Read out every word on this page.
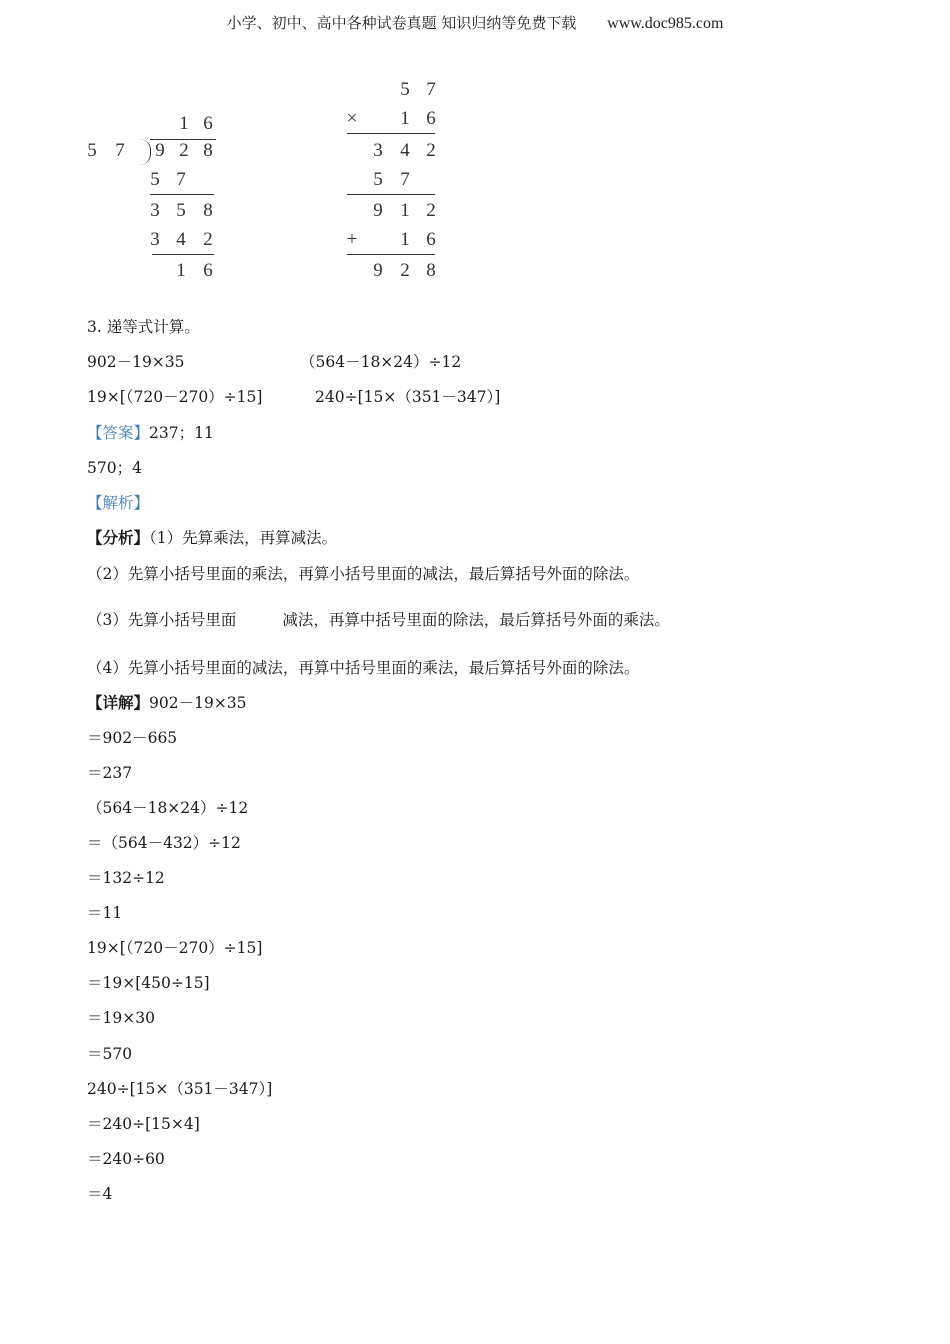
小学、初中、高中各种试卷真题 知识归纳等免费下载 www.doc985.com
5 7
1 6
9 2 8
5 7
3 5 8
3 4 2
1 6
5 7
×	1 6
3 4 2
5 7
9 1 2
+	1 6
9 2 8
3. 递等式计算。
902－19×35	（564－18×24）÷12
19×[（720－270）÷15]	240÷[15×（351－347）]
【答案】237；11
570；4
【解析】
【分析】（1）先算乘法，再算减法。
（2）先算小括号里面的乘法，再算小括号里面的减法，最后算括号外面的除法。
（3）先算小括号里面	减法，再算中括号里面的除法，最后算括号外面的乘法。
（4）先算小括号里面的减法，再算中括号里面的乘法，最后算括号外面的除法。
【详解】902－19×35
＝902－665
＝237
（564－18×24）÷12
＝（564－432）÷12
＝132÷12
＝11
19×[（720－270）÷15]
＝19×[450÷15]
＝19×30
＝570
240÷[15×（351－347）]
＝240÷[15×4]
＝240÷60
＝4
